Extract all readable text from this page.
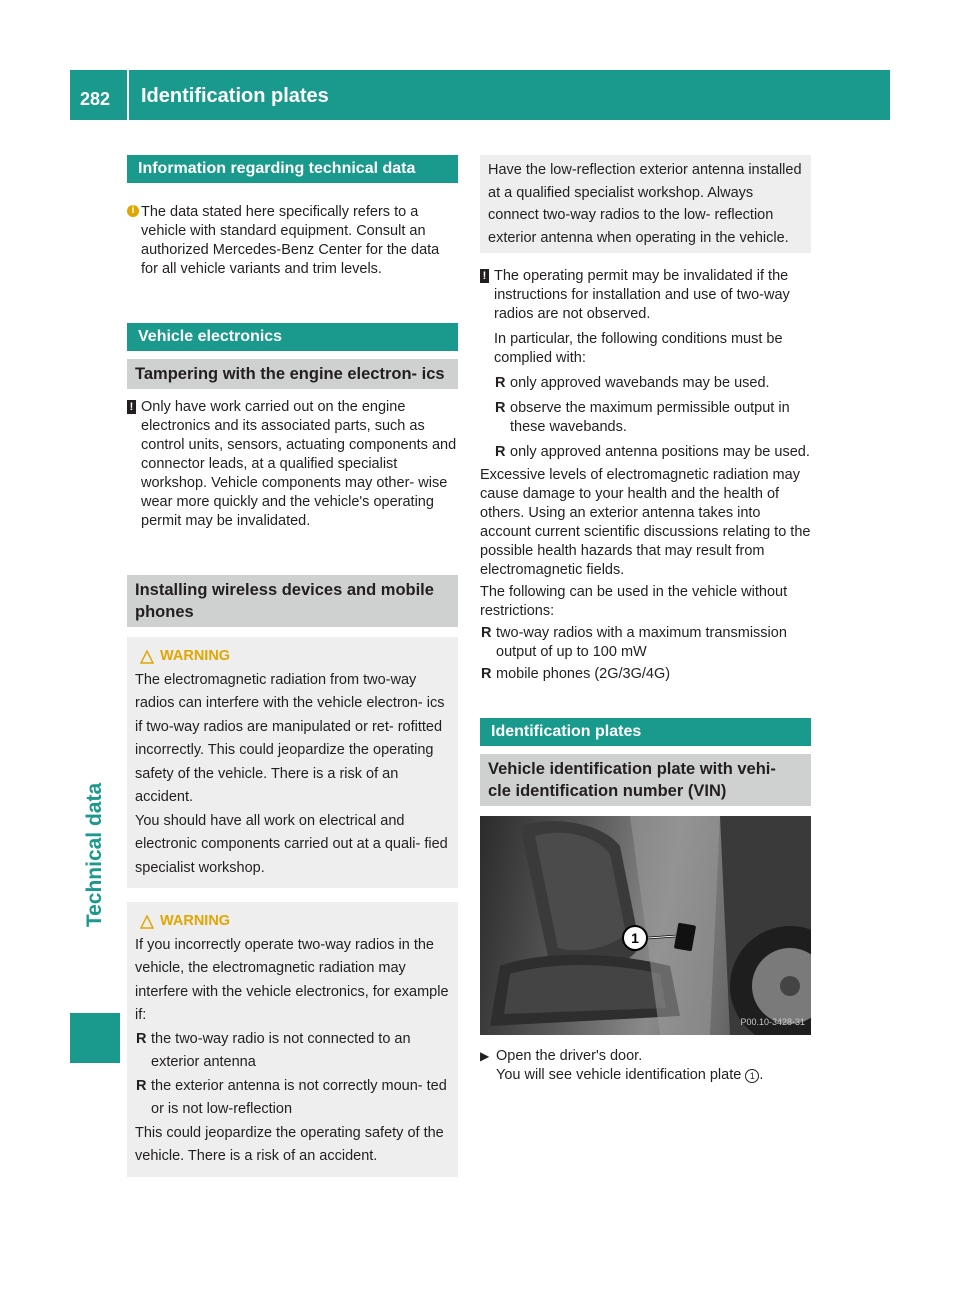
282 Identification plates
Technical data
Information regarding technical data
i The data stated here specifically refers to a vehicle with standard equipment. Consult an authorized Mercedes-Benz Center for the data for all vehicle variants and trim levels.

Vehicle electronics
Tampering with the engine electron- ics
! Only have work carried out on the engine electronics and its associated parts, such as control units, sensors, actuating components and connector leads, at a qualified specialist workshop. Vehicle components may other- wise wear more quickly and the vehicle's operating permit may be invalidated.

Installing wireless devices and mobile phones
WARNING

The electromagnetic radiation from two-way radios can interfere with the vehicle electron- ics if two-way radios are manipulated or ret- rofitted incorrectly. This could jeopardize the operating safety of the vehicle. There is a risk of an accident.

You should have all work on electrical and electronic components carried out at a quali- fied specialist workshop.

WARNING

If you incorrectly operate two-way radios in the vehicle, the electromagnetic radiation may interfere with the vehicle electronics, for example if:

R the two-way radio is not connected to an exterior antenna
R the exterior antenna is not correctly moun- ted or is not low-reflection

This could jeopardize the operating safety of the vehicle. There is a risk of an accident.

Have the low-reflection exterior antenna installed at a qualified specialist workshop. Always connect two-way radios to the low- reflection exterior antenna when operating in the vehicle.

! The operating permit may be invalidated if the instructions for installation and use of two-way radios are not observed.

In particular, the following conditions must be complied with:

R only approved wavebands may be used.
R observe the maximum permissible output in these wavebands.
R only approved antenna positions may be used.

Excessive levels of electromagnetic radiation may cause damage to your health and the health of others. Using an exterior antenna takes into account current scientific discussions relating to the possible health hazards that may result from electromagnetic fields.

The following can be used in the vehicle without restrictions:

R two-way radios with a maximum transmission output of up to 100 mW
R mobile phones (2G/3G/4G)
Identification plates
Vehicle identification plate with vehi- cle identification number (VIN)
1
P00.10-3428-31
▶ Open the driver's door.

You will see vehicle identification plate 1 .
